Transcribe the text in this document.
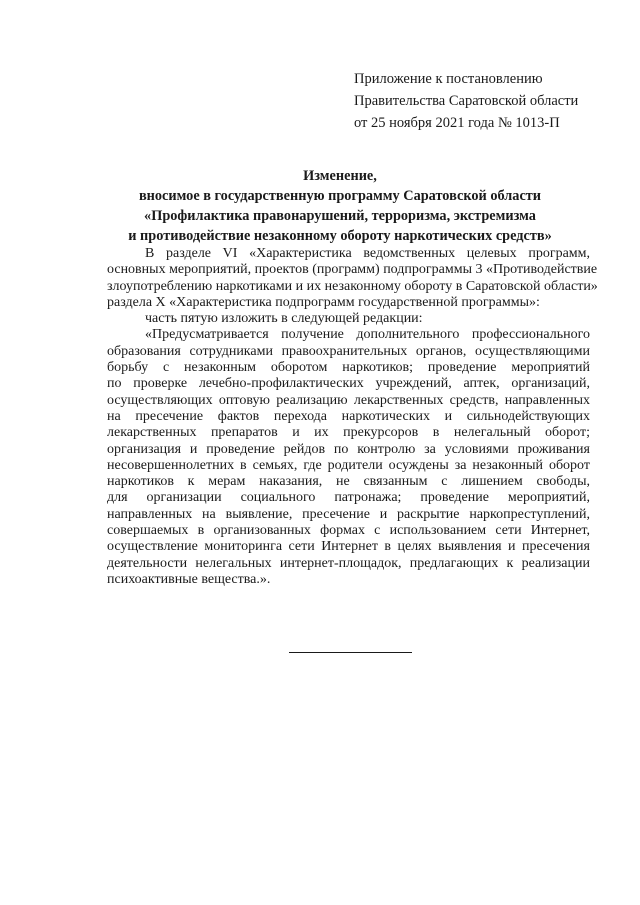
Приложение к постановлению
Правительства Саратовской области
от 25 ноября 2021 года № 1013-П
Изменение,
вносимое в государственную программу Саратовской области
«Профилактика правонарушений, терроризма, экстремизма
и противодействие незаконному обороту наркотических средств»
В разделе VI «Характеристика ведомственных целевых программ,
основных мероприятий, проектов (программ) подпрограммы 3 «Противодействие
злоупотреблению наркотиками и их незаконному обороту в Саратовской области»
раздела X «Характеристика подпрограмм государственной программы»:
часть пятую изложить в следующей редакции:
«Предусматривается получение дополнительного профессионального
образования сотрудниками правоохранительных органов, осуществляющими
борьбу с незаконным оборотом наркотиков; проведение мероприятий
по проверке лечебно-профилактических учреждений, аптек, организаций,
осуществляющих оптовую реализацию лекарственных средств, направленных
на пресечение фактов перехода наркотических и сильнодействующих
лекарственных препаратов и их прекурсоров в нелегальный оборот;
организация и проведение рейдов по контролю за условиями проживания
несовершеннолетних в семьях, где родители осуждены за незаконный оборот
наркотиков к мерам наказания, не связанным с лишением свободы,
для организации социального патронажа; проведение мероприятий,
направленных на выявление, пресечение и раскрытие наркопреступлений,
совершаемых в организованных формах с использованием сети Интернет,
осуществление мониторинга сети Интернет в целях выявления и пресечения
деятельности нелегальных интернет-площадок, предлагающих к реализации
психоактивные вещества.».
